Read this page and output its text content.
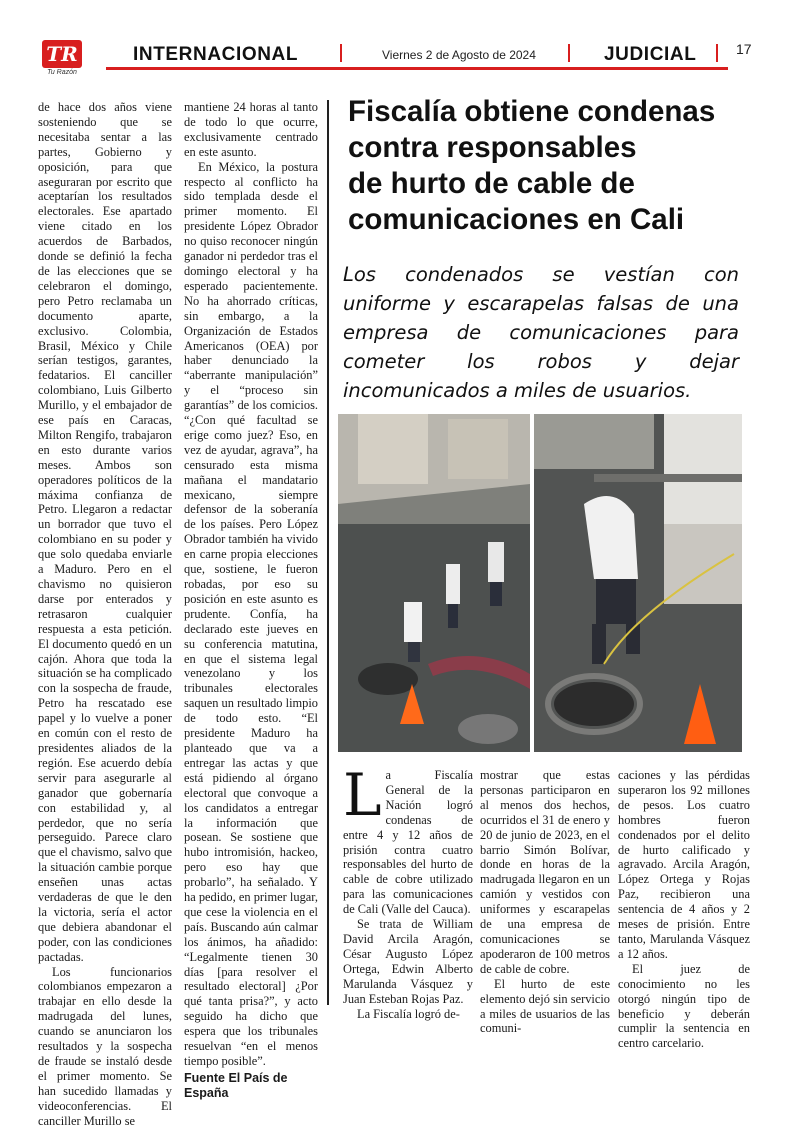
TR
Tu Razón
INTERNACIONAL	Viernes 2 de Agosto de 2024	JUDICIAL	17

de hace dos años viene sosteniendo que se necesitaba sentar a las partes, Gobierno y oposición, para que aseguraran por escrito que aceptarían los resultados electorales. Ese apartado viene citado en los acuerdos de Barbados, donde se definió la fecha de las elecciones que se celebraron el domingo, pero Petro reclamaba un documento aparte, exclusivo. Colombia, Brasil, México y Chile serían testigos, garantes, fedatarios. El canciller colombiano, Luis Gilberto Murillo, y el embajador de ese país en Caracas, Milton Rengifo, trabajaron en esto durante varios meses. Ambos son operadores políticos de la máxima confianza de Petro. Llegaron a redactar un borrador que tuvo el colombiano en su poder y que solo quedaba enviarle a Maduro. Pero en el chavismo no quisieron darse por enterados y retrasaron cualquier respuesta a esta petición. El documento quedó en un cajón. Ahora que toda la situación se ha complicado con la sospecha de fraude, Petro ha rescatado ese papel y lo vuelve a poner en común con el resto de presidentes aliados de la región. Ese acuerdo debía servir para asegurarle al ganador que gobernaría con estabilidad y, al perdedor, que no sería perseguido. Parece claro que el chavismo, salvo que la situación cambie porque enseñen unas actas verdaderas de que le den la victoria, sería el actor que debiera abandonar el poder, con las condiciones pactadas.

Los funcionarios colombianos empezaron a trabajar en ello desde la madrugada del lunes, cuando se anunciaron los resultados y la sospecha de fraude se instaló desde el primer momento. Se han sucedido llamadas y videoconferencias. El canciller Murillo se

mantiene 24 horas al tanto de todo lo que ocurre, exclusivamente centrado en este asunto.

En México, la postura respecto al conflicto ha sido templada desde el primer momento. El presidente López Obrador no quiso reconocer ningún ganador ni perdedor tras el domingo electoral y ha esperado pacientemente. No ha ahorrado críticas, sin embargo, a la Organización de Estados Americanos (OEA) por haber denunciado la “aberrante manipulación” y el “proceso sin garantías” de los comicios. “¿Con qué facultad se erige como juez? Eso, en vez de ayudar, agrava”, ha censurado esta misma mañana el mandatario mexicano, siempre defensor de la soberanía de los países. Pero López Obrador también ha vivido en carne propia elecciones que, sostiene, le fueron robadas, por eso su posición en este asunto es prudente. Confía, ha declarado este jueves en su conferencia matutina, en que el sistema legal venezolano y los tribunales electorales saquen un resultado limpio de todo esto. “El presidente Maduro ha planteado que va a entregar las actas y que está pidiendo al órgano electoral que convoque a los candidatos a entregar la información que posean. Se sostiene que hubo intromisión, hackeo, pero eso hay que probarlo”, ha señalado. Y ha pedido, en primer lugar, que cese la violencia en el país. Buscando aún calmar los ánimos, ha añadido: “Legalmente tienen 30 días [para resolver el resultado electoral] ¿Por qué tanta prisa?”, y acto seguido ha dicho que espera que los tribunales resuelvan “en el menos tiempo posible”.

Fuente El País de España
Fiscalía obtiene condenas
contra responsables
de hurto de cable de
comunicaciones en Cali
Los condenados se vestían con uniforme y escarapelas falsas de una empresa de comunicaciones para cometer los robos y dejar incomunicados a miles de usuarios.
L a Fiscalía General de la Nación logró condenas de entre 4 y 12 años de prisión contra cuatro responsables del hurto de cable de cobre utilizado para las comunicaciones de Cali (Valle del Cauca).

Se trata de William David Arcila Aragón, César Augusto López Ortega, Edwin Alberto Marulanda Vásquez y Juan Esteban Rojas Paz.

La Fiscalía logró de-

mostrar que estas personas participaron en al menos dos hechos, ocurridos el 31 de enero y 20 de junio de 2023, en el barrio Simón Bolívar, donde en horas de la madrugada llegaron en un camión y vestidos con uniformes y escarapelas de una empresa de comunicaciones se apoderaron de 100 metros de cable de cobre.

El hurto de este elemento dejó sin servicio a miles de usuarios de las comuni-

caciones y las pérdidas superaron los 92 millones de pesos. Los cuatro hombres fueron condenados por el delito de hurto calificado y agravado. Arcila Aragón, López Ortega y Rojas Paz, recibieron una sentencia de 4 años y 2 meses de prisión. Entre tanto, Marulanda Vásquez a 12 años.

El juez de conocimiento no les otorgó ningún tipo de beneficio y deberán cumplir la sentencia en centro carcelario.
